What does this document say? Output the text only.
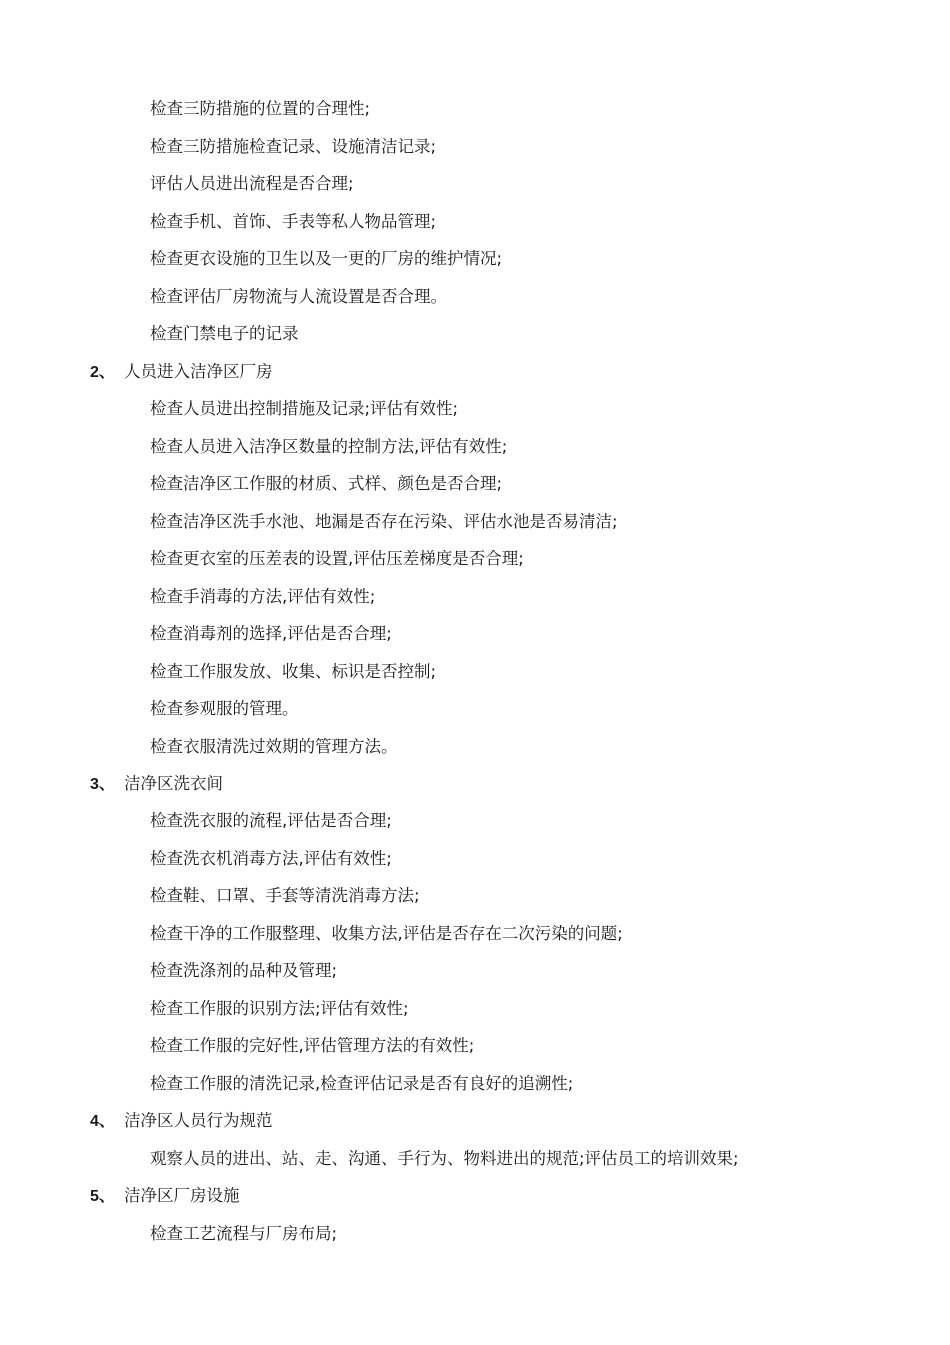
检查三防措施的位置的合理性;
检查三防措施检查记录、设施清洁记录;
评估人员进出流程是否合理;
检查手机、首饰、手表等私人物品管理;
检查更衣设施的卫生以及一更的厂房的维护情况;
检查评估厂房物流与人流设置是否合理。
检查门禁电子的记录
2、 人员进入洁净区厂房
检查人员进出控制措施及记录;评估有效性;
检查人员进入洁净区数量的控制方法,评估有效性;
检查洁净区工作服的材质、式样、颜色是否合理;
检查洁净区洗手水池、地漏是否存在污染、评估水池是否易清洁;
检查更衣室的压差表的设置,评估压差梯度是否合理;
检查手消毒的方法,评估有效性;
检查消毒剂的选择,评估是否合理;
检查工作服发放、收集、标识是否控制;
检查参观服的管理。
检查衣服清洗过效期的管理方法。
3、 洁净区洗衣间
检查洗衣服的流程,评估是否合理;
检查洗衣机消毒方法,评估有效性;
检查鞋、口罩、手套等清洗消毒方法;
检查干净的工作服整理、收集方法,评估是否存在二次污染的问题;
检查洗涤剂的品种及管理;
检查工作服的识别方法;评估有效性;
检查工作服的完好性,评估管理方法的有效性;
检查工作服的清洗记录,检查评估记录是否有良好的追溯性;
4、 洁净区人员行为规范
观察人员的进出、站、走、沟通、手行为、物料进出的规范;评估员工的培训效果;
5、 洁净区厂房设施
检查工艺流程与厂房布局;
